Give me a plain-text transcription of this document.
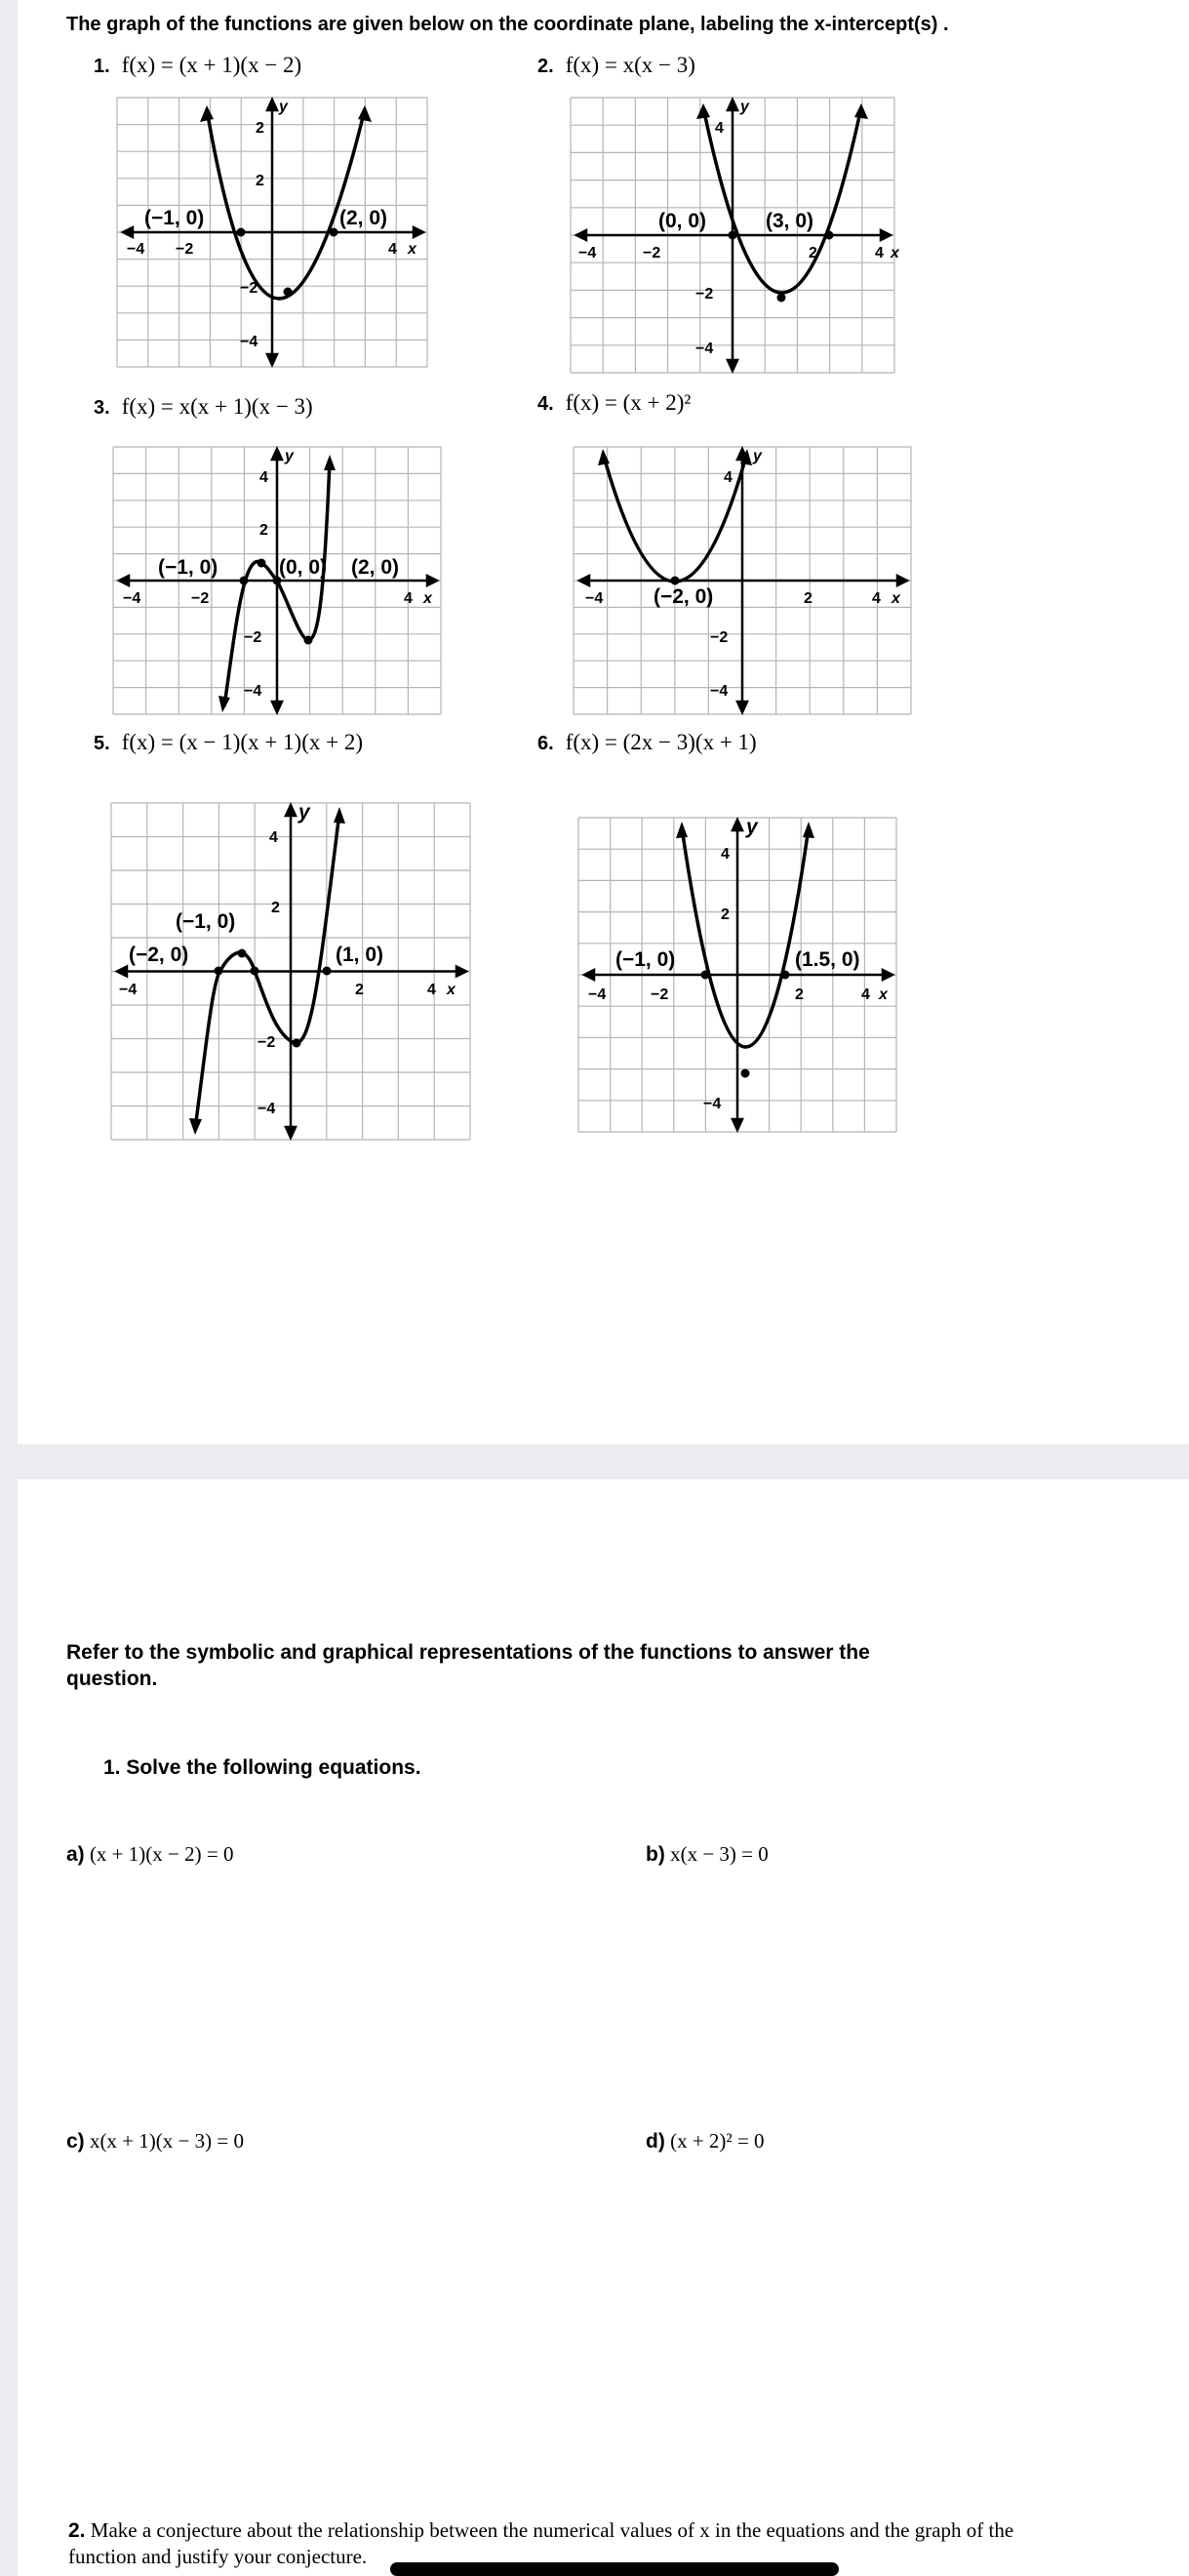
The graph of the functions are given below on the coordinate plane, labeling the x-intercept(s) .
1. f(x) = (x + 1)(x − 2)	2. f(x) = x(x − 3)
3. f(x) = x(x + 1)(x − 3)	4. f(x) = (x + 2)²
5. f(x) = (x − 1)(x + 1)(x + 2)	6. f(x) = (2x − 3)(x + 1)
y
2
2
(−1, 0)	(2, 0)
−4 −2	4 x
−2
−4
y
4
(0, 0)	(3, 0)
−4	−2	2	4 x
−2
−4
y
4
2
(−1, 0)	(0, 0) (2, 0)
−4	−2	4 x
−2
−4
y
4
(−2, 0)
−4	2	4 x
−2
−4
y
4
2
(−1, 0)
(−2, 0)	(1, 0)
−4	2	4 x
−2
−4
y
4
2
(−1, 0)	(1.5, 0)
−4	−2	2	4 x
−4
Refer to the symbolic and graphical representations of the functions to answer the question.
1. Solve the following equations.
a) (x + 1)(x − 2) = 0	b) x(x − 3) = 0
c) x(x + 1)(x − 3) = 0	d) (x + 2)² = 0
2. Make a conjecture about the relationship between the numerical values of x in the equations and the graph of the function and justify your conjecture.
